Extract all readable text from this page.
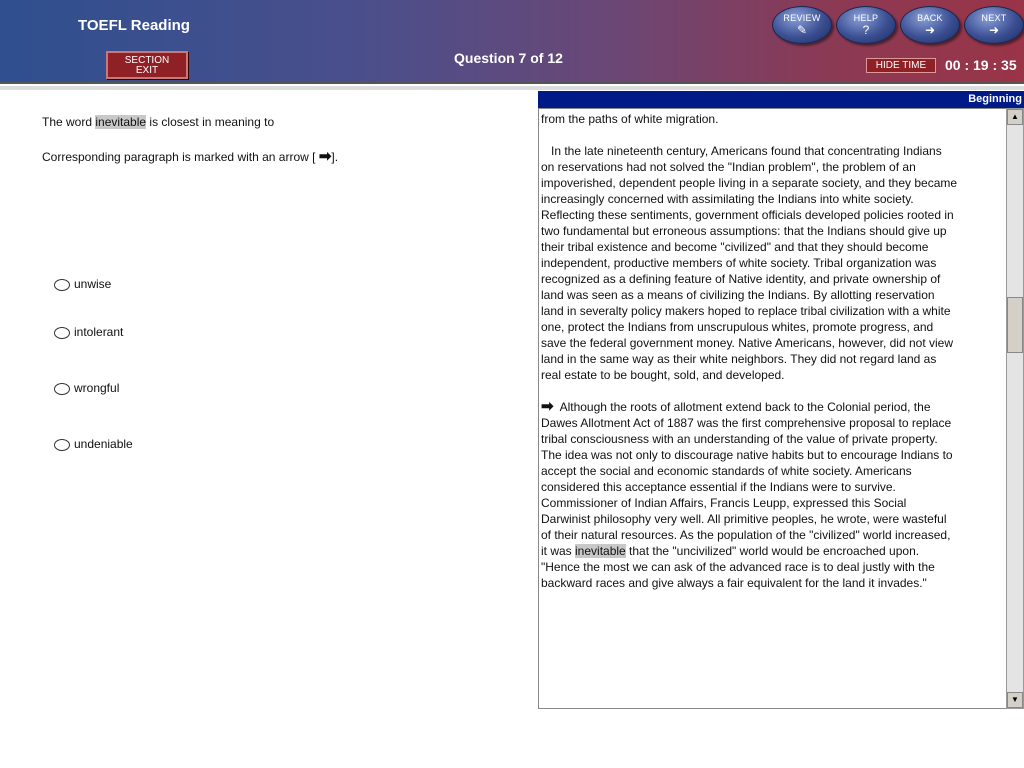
TOEFL Reading
SECTION
EXIT
Question 7 of 12	HIDE TIME	00 : 19 : 35
REVIEW
✎
HELP
?
BACK
➜
NEXT
➜
The word inevitable is closest in meaning to
Corresponding paragraph is marked with an arrow [ ➡].
unwise
intolerant
wrongful
undeniable
Beginning

from the paths of white migration.

In the late nineteenth century, Americans found that concentrating Indians

on reservations had not solved the "Indian problem", the problem of an

impoverished, dependent people living in a separate society, and they became

increasingly concerned with assimilating the Indians into white society.

Reflecting these sentiments, government officials developed policies rooted in

two fundamental but erroneous assumptions: that the Indians should give up

their tribal existence and become "civilized" and that they should become

independent, productive members of white society. Tribal organization was

recognized as a defining feature of Native identity, and private ownership of

land was seen as a means of civilizing the Indians. By allotting reservation

land in severalty policy makers hoped to replace tribal civilization with a white

one, protect the Indians from unscrupulous whites, promote progress, and

save the federal government money. Native Americans, however, did not view

land in the same way as their white neighbors. They did not regard land as

real estate to be bought, sold, and developed.

➡  Although the roots of allotment extend back to the Colonial period, the

Dawes Allotment Act of 1887 was the first comprehensive proposal to replace

tribal consciousness with an understanding of the value of private property.

The idea was not only to discourage native habits but to encourage Indians to

accept the social and economic standards of white society. Americans

considered this acceptance essential if the Indians were to survive.

Commissioner of Indian Affairs, Francis Leupp, expressed this Social

Darwinist philosophy very well. All primitive peoples, he wrote, were wasteful

of their natural resources. As the population of the "civilized" world increased,

it was inevitable that the "uncivilized" world would be encroached upon.

"Hence the most we can ask of the advanced race is to deal justly with the

backward races and give always a fair equivalent for the land it invades."

▲
▼
